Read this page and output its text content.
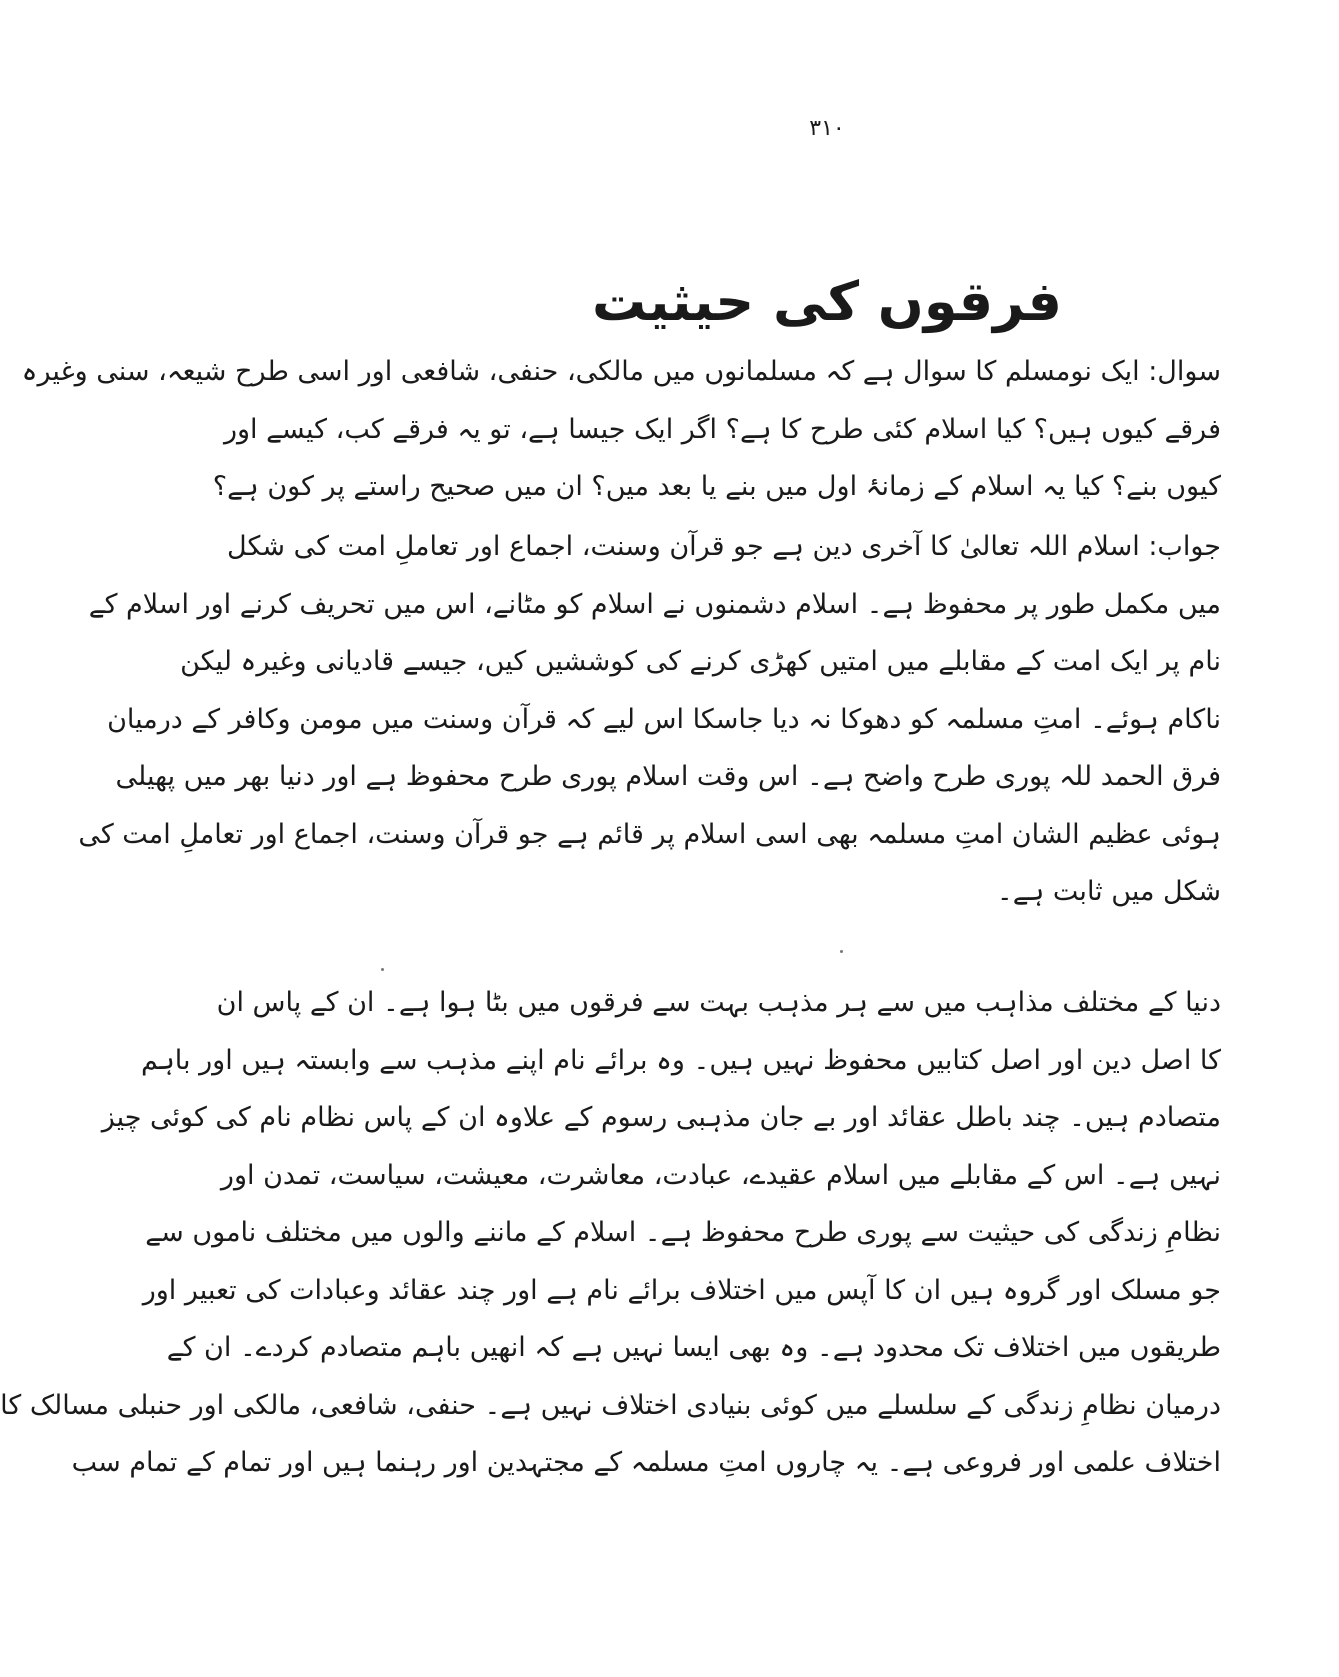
۳۱۰
فرقوں کی حیثیت
سوال: ایک نومسلم کا سوال ہے کہ مسلمانوں میں مالکی، حنفی، شافعی اور اسی طرح شیعہ، سنی وغیرہ
فرقے کیوں ہیں؟ کیا اسلام کئی طرح کا ہے؟ اگر ایک جیسا ہے، تو یہ فرقے کب، کیسے اور
کیوں بنے؟ کیا یہ اسلام کے زمانۂ اول میں بنے یا بعد میں؟ ان میں صحیح راستے پر کون ہے؟
جواب: اسلام اللہ تعالیٰ کا آخری دین ہے جو قرآن وسنت، اجماع اور تعاملِ امت کی شکل
میں مکمل طور پر محفوظ ہے۔ اسلام دشمنوں نے اسلام کو مٹانے، اس میں تحریف کرنے اور اسلام کے
نام پر ایک امت کے مقابلے میں امتیں کھڑی کرنے کی کوششیں کیں، جیسے قادیانی وغیرہ لیکن
ناکام ہوئے۔ امتِ مسلمہ کو دھوکا نہ دیا جاسکا اس لیے کہ قرآن وسنت میں مومن وکافر کے درمیان
فرق الحمد للہ پوری طرح واضح ہے۔ اس وقت اسلام پوری طرح محفوظ ہے اور دنیا بھر میں پھیلی
ہوئی عظیم الشان امتِ مسلمہ بھی اسی اسلام پر قائم ہے جو قرآن وسنت، اجماع اور تعاملِ امت کی
شکل میں ثابت ہے۔
دنیا کے مختلف مذاہب میں سے ہر مذہب بہت سے فرقوں میں بٹا ہوا ہے۔ ان کے پاس ان
کا اصل دین اور اصل کتابیں محفوظ نہیں ہیں۔ وہ برائے نام اپنے مذہب سے وابستہ ہیں اور باہم
متصادم ہیں۔ چند باطل عقائد اور بے جان مذہبی رسوم کے علاوہ ان کے پاس نظام نام کی کوئی چیز
نہیں ہے۔ اس کے مقابلے میں اسلام عقیدے، عبادت، معاشرت، معیشت، سیاست، تمدن اور
نظامِ زندگی کی حیثیت سے پوری طرح محفوظ ہے۔ اسلام کے ماننے والوں میں مختلف ناموں سے
جو مسلک اور گروہ ہیں ان کا آپس میں اختلاف برائے نام ہے اور چند عقائد وعبادات کی تعبیر اور
طریقوں میں اختلاف تک محدود ہے۔ وہ بھی ایسا نہیں ہے کہ انھیں باہم متصادم کردے۔ ان کے
درمیان نظامِ زندگی کے سلسلے میں کوئی بنیادی اختلاف نہیں ہے۔ حنفی، شافعی، مالکی اور حنبلی مسالک کا
اختلاف علمی اور فروعی ہے۔ یہ چاروں امتِ مسلمہ کے مجتہدین اور رہنما ہیں اور تمام کے تمام سب
